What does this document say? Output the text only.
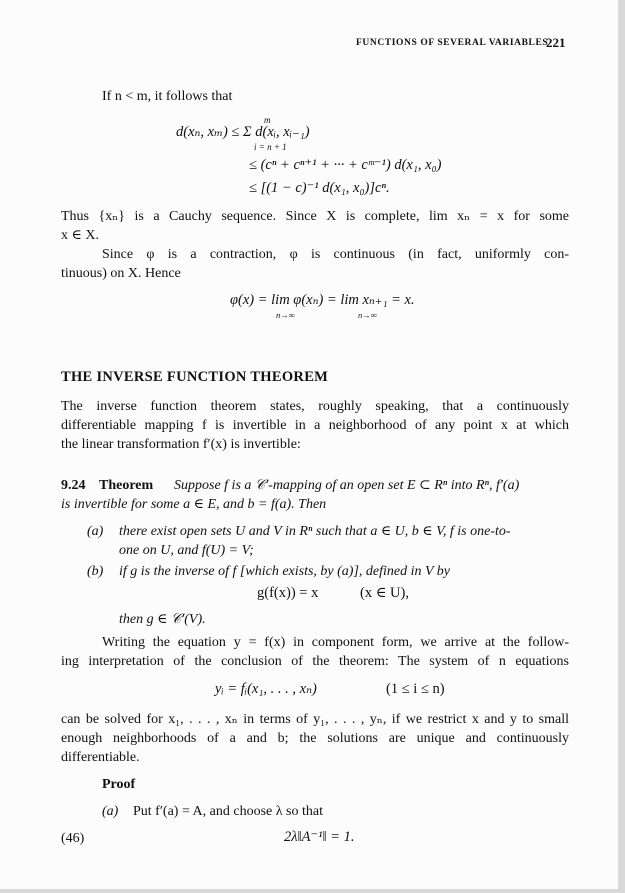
FUNCTIONS OF SEVERAL VARIABLES
221
If n < m, it follows that
m
d(xₙ, xₘ) ≤ Σ d(xᵢ, xᵢ₋₁)
i = n + 1
≤ (cⁿ + cⁿ⁺¹ + ··· + cᵐ⁻¹) d(x₁, x₀)
≤ [(1 − c)⁻¹ d(x₁, x₀)]cⁿ.
Thus {xₙ} is a Cauchy sequence. Since X is complete, lim xₙ = x for some
x ∈ X.
Since φ is a contraction, φ is continuous (in fact, uniformly con-
tinuous) on X. Hence
φ(x) = lim φ(xₙ) = lim xₙ₊₁ = x.
n→∞	n→∞
THE INVERSE FUNCTION THEOREM
The inverse function theorem states, roughly speaking, that a continuously
differentiable mapping f is invertible in a neighborhood of any point x at which
the linear transformation f′(x) is invertible:
9.24 Theorem Suppose f is a 𝒞′-mapping of an open set E ⊂ Rⁿ into Rⁿ, f′(a)
is invertible for some a ∈ E, and b = f(a). Then
(a) there exist open sets U and V in Rⁿ such that a ∈ U, b ∈ V, f is one-to-
one on U, and f(U) = V;
(b) if g is the inverse of f [which exists, by (a)], defined in V by
g(f(x)) = x	(x ∈ U),
then g ∈ 𝒞′(V).
Writing the equation y = f(x) in component form, we arrive at the follow-
ing interpretation of the conclusion of the theorem: The system of n equations
yᵢ = fᵢ(x₁, . . . , xₙ)	(1 ≤ i ≤ n)
can be solved for x₁, . . . , xₙ in terms of y₁, . . . , yₙ, if we restrict x and y to small
enough neighborhoods of a and b; the solutions are unique and continuously
differentiable.
Proof
(a) Put f′(a) = A, and choose λ so that
(46)	2λ‖A⁻¹‖ = 1.
